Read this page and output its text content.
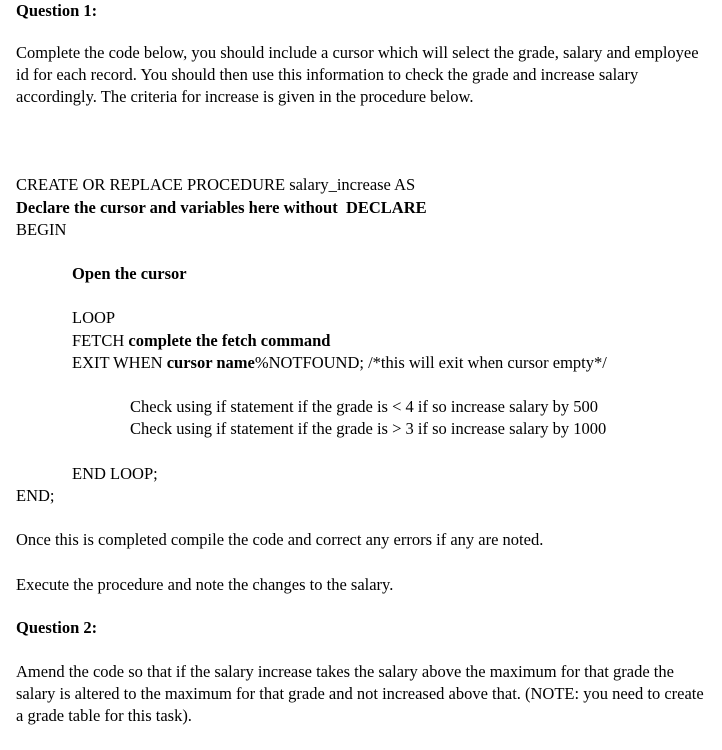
Question 1:
Complete the code below, you should include a cursor which will select the grade, salary and employee id for each record. You should then use this information to check the grade and increase salary accordingly. The criteria for increase is given in the procedure below.
CREATE OR REPLACE PROCEDURE salary_increase AS
Declare the cursor and variables here without  DECLARE
BEGIN
Open the cursor
LOOP
FETCH complete the fetch command
EXIT WHEN cursor name%NOTFOUND; /*this will exit when cursor empty*/
Check using if statement if the grade is < 4 if so increase salary by 500
Check using if statement if the grade is > 3 if so increase salary by 1000
END LOOP;
END;
Once this is completed compile the code and correct any errors if any are noted.
Execute the procedure and note the changes to the salary.
Question 2:
Amend the code so that if the salary increase takes the salary above the maximum for that grade the salary is altered to the maximum for that grade and not increased above that. (NOTE: you need to create a grade table for this task).
